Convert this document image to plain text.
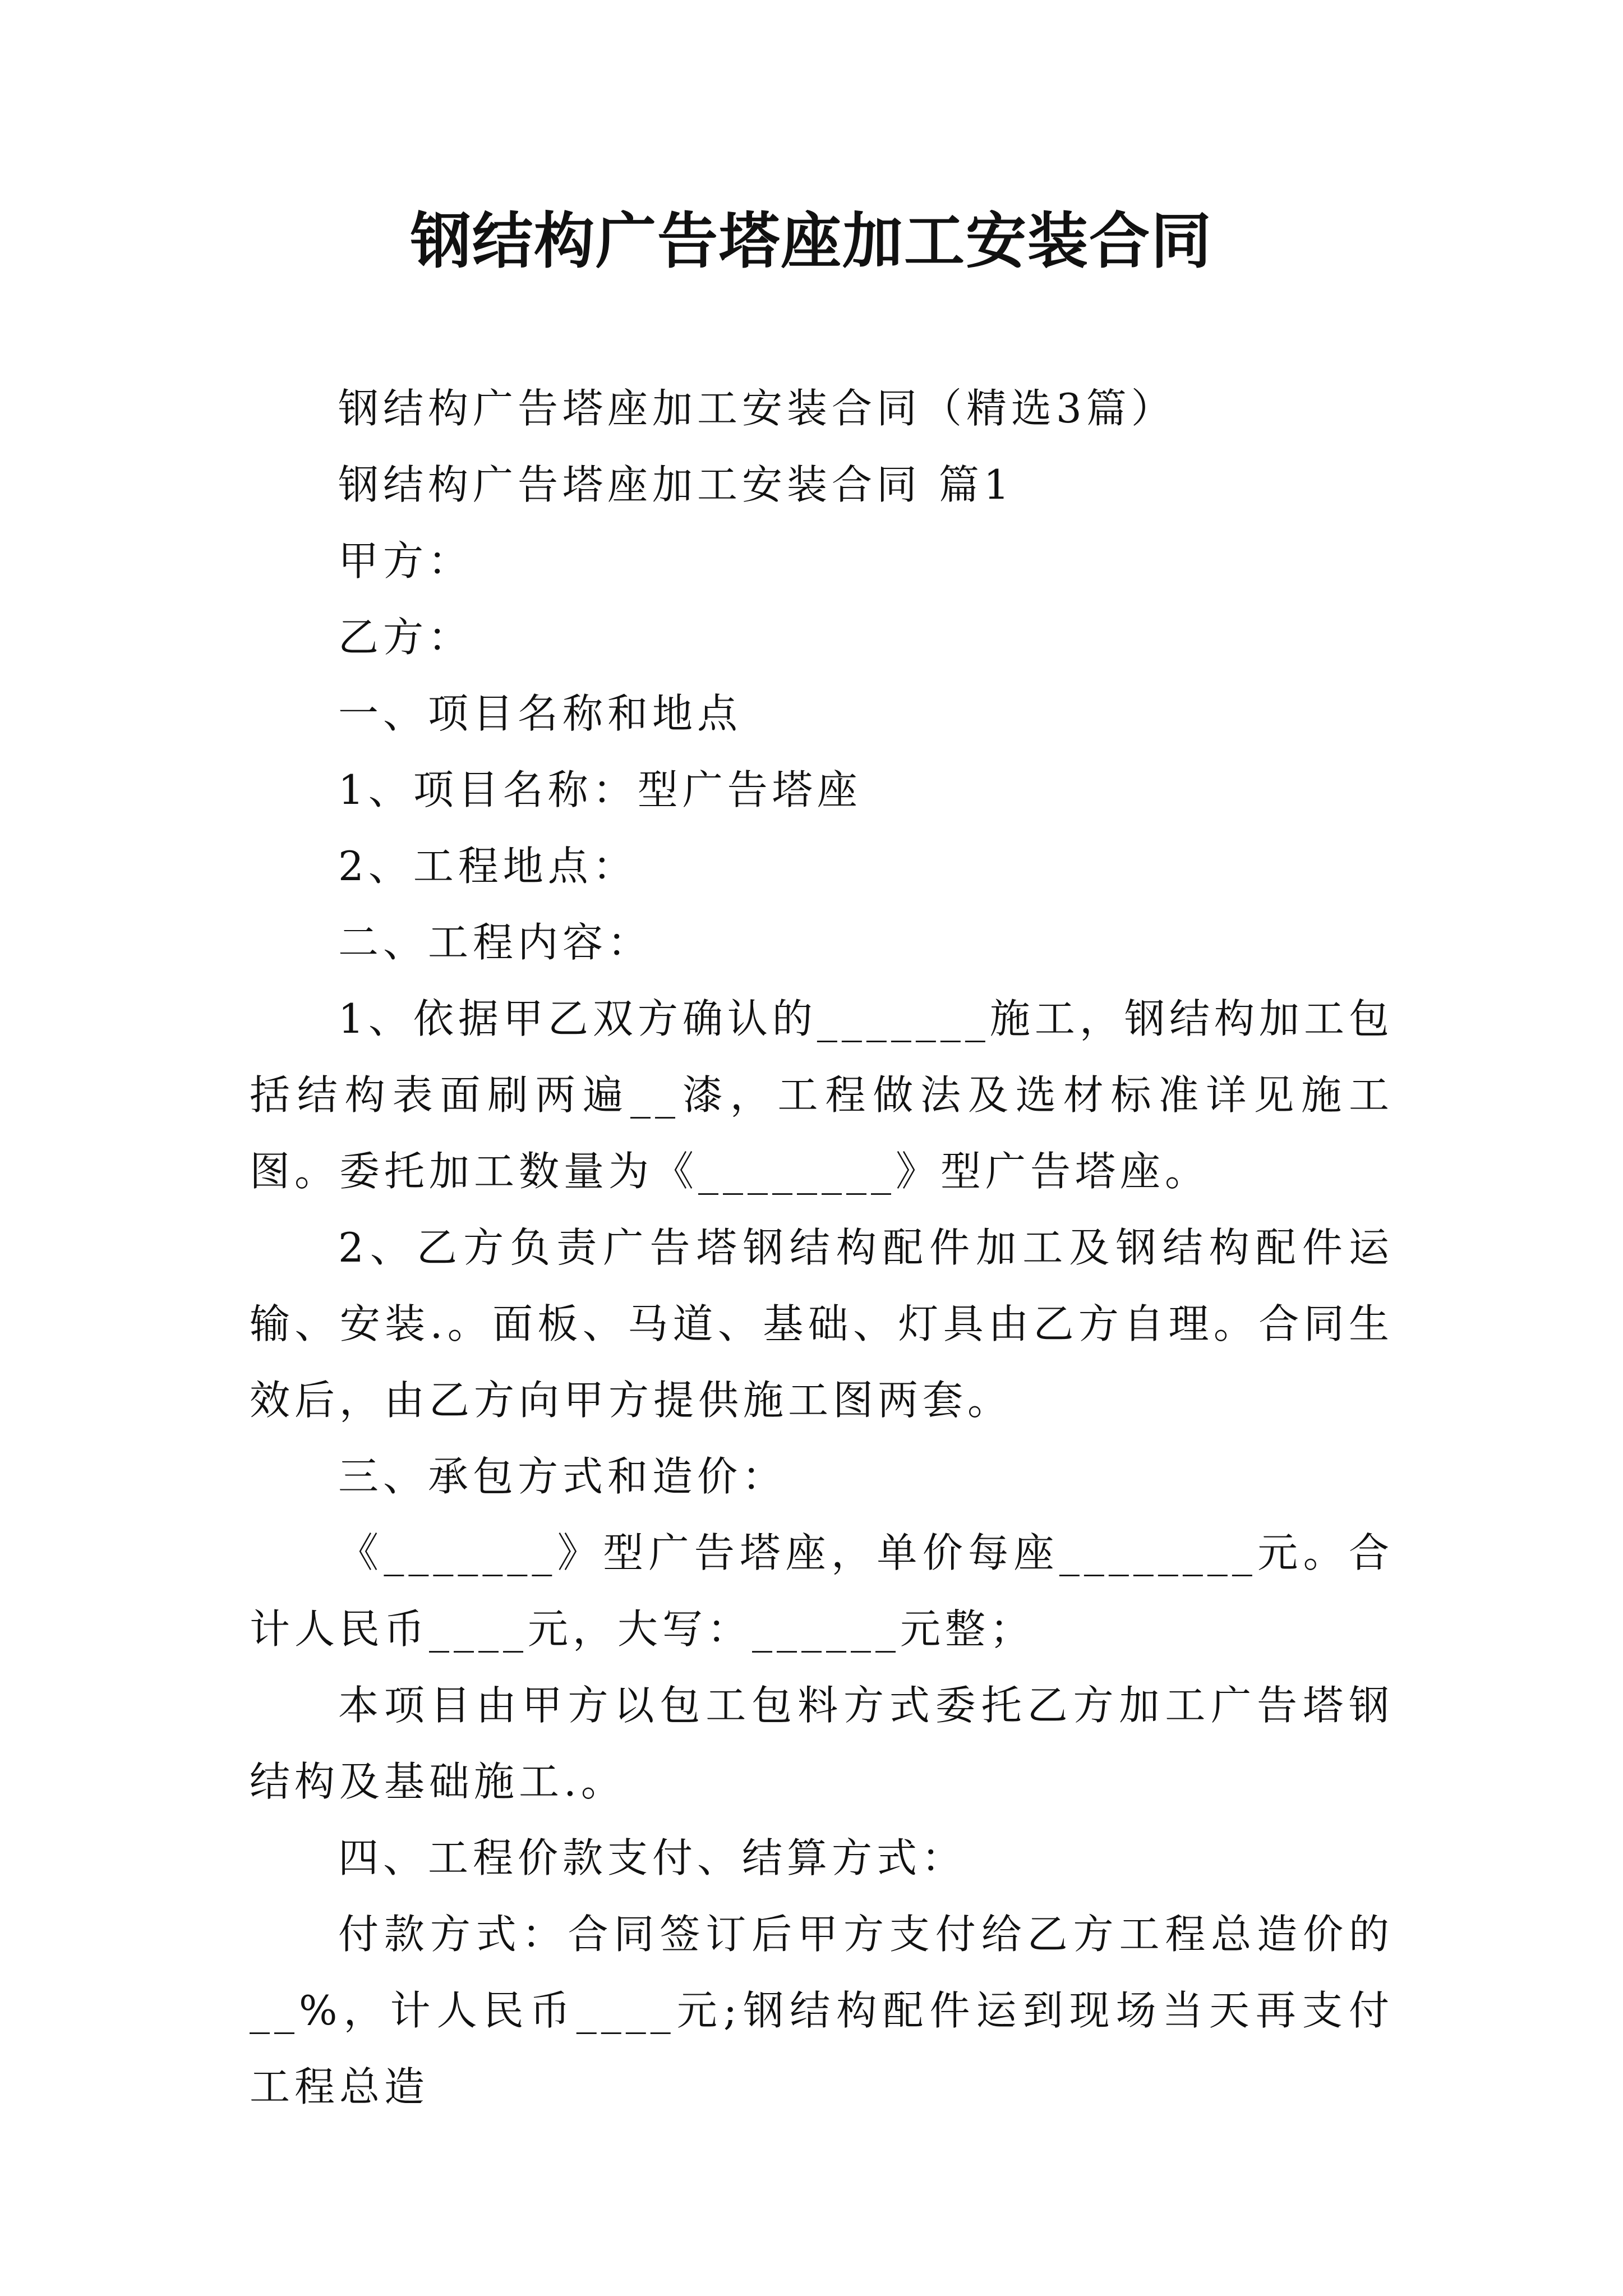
钢结构广告塔座加工安装合同

钢结构广告塔座加工安装合同（精选3篇）

钢结构广告塔座加工安装合同 篇1

甲方：

乙方：

一、项目名称和地点

1、项目名称：型广告塔座

2、工程地点：

二、工程内容：

1、依据甲乙双方确认的_______施工，钢结构加工包括结构表面刷两遍__漆，工程做法及选材标准详见施工图。委托加工数量为《________》型广告塔座。

2、乙方负责广告塔钢结构配件加工及钢结构配件运输、安装.。面板、马道、基础、灯具由乙方自理。合同生效后，由乙方向甲方提供施工图两套。

三、承包方式和造价：

《_______》型广告塔座，单价每座________元。合计人民币____元，大写：______元整；

本项目由甲方以包工包料方式委托乙方加工广告塔钢结构及基础施工.。

四、工程价款支付、结算方式：

付款方式：合同签订后甲方支付给乙方工程总造价的__%，计人民币____元;钢结构配件运到现场当天再支付工程总造
